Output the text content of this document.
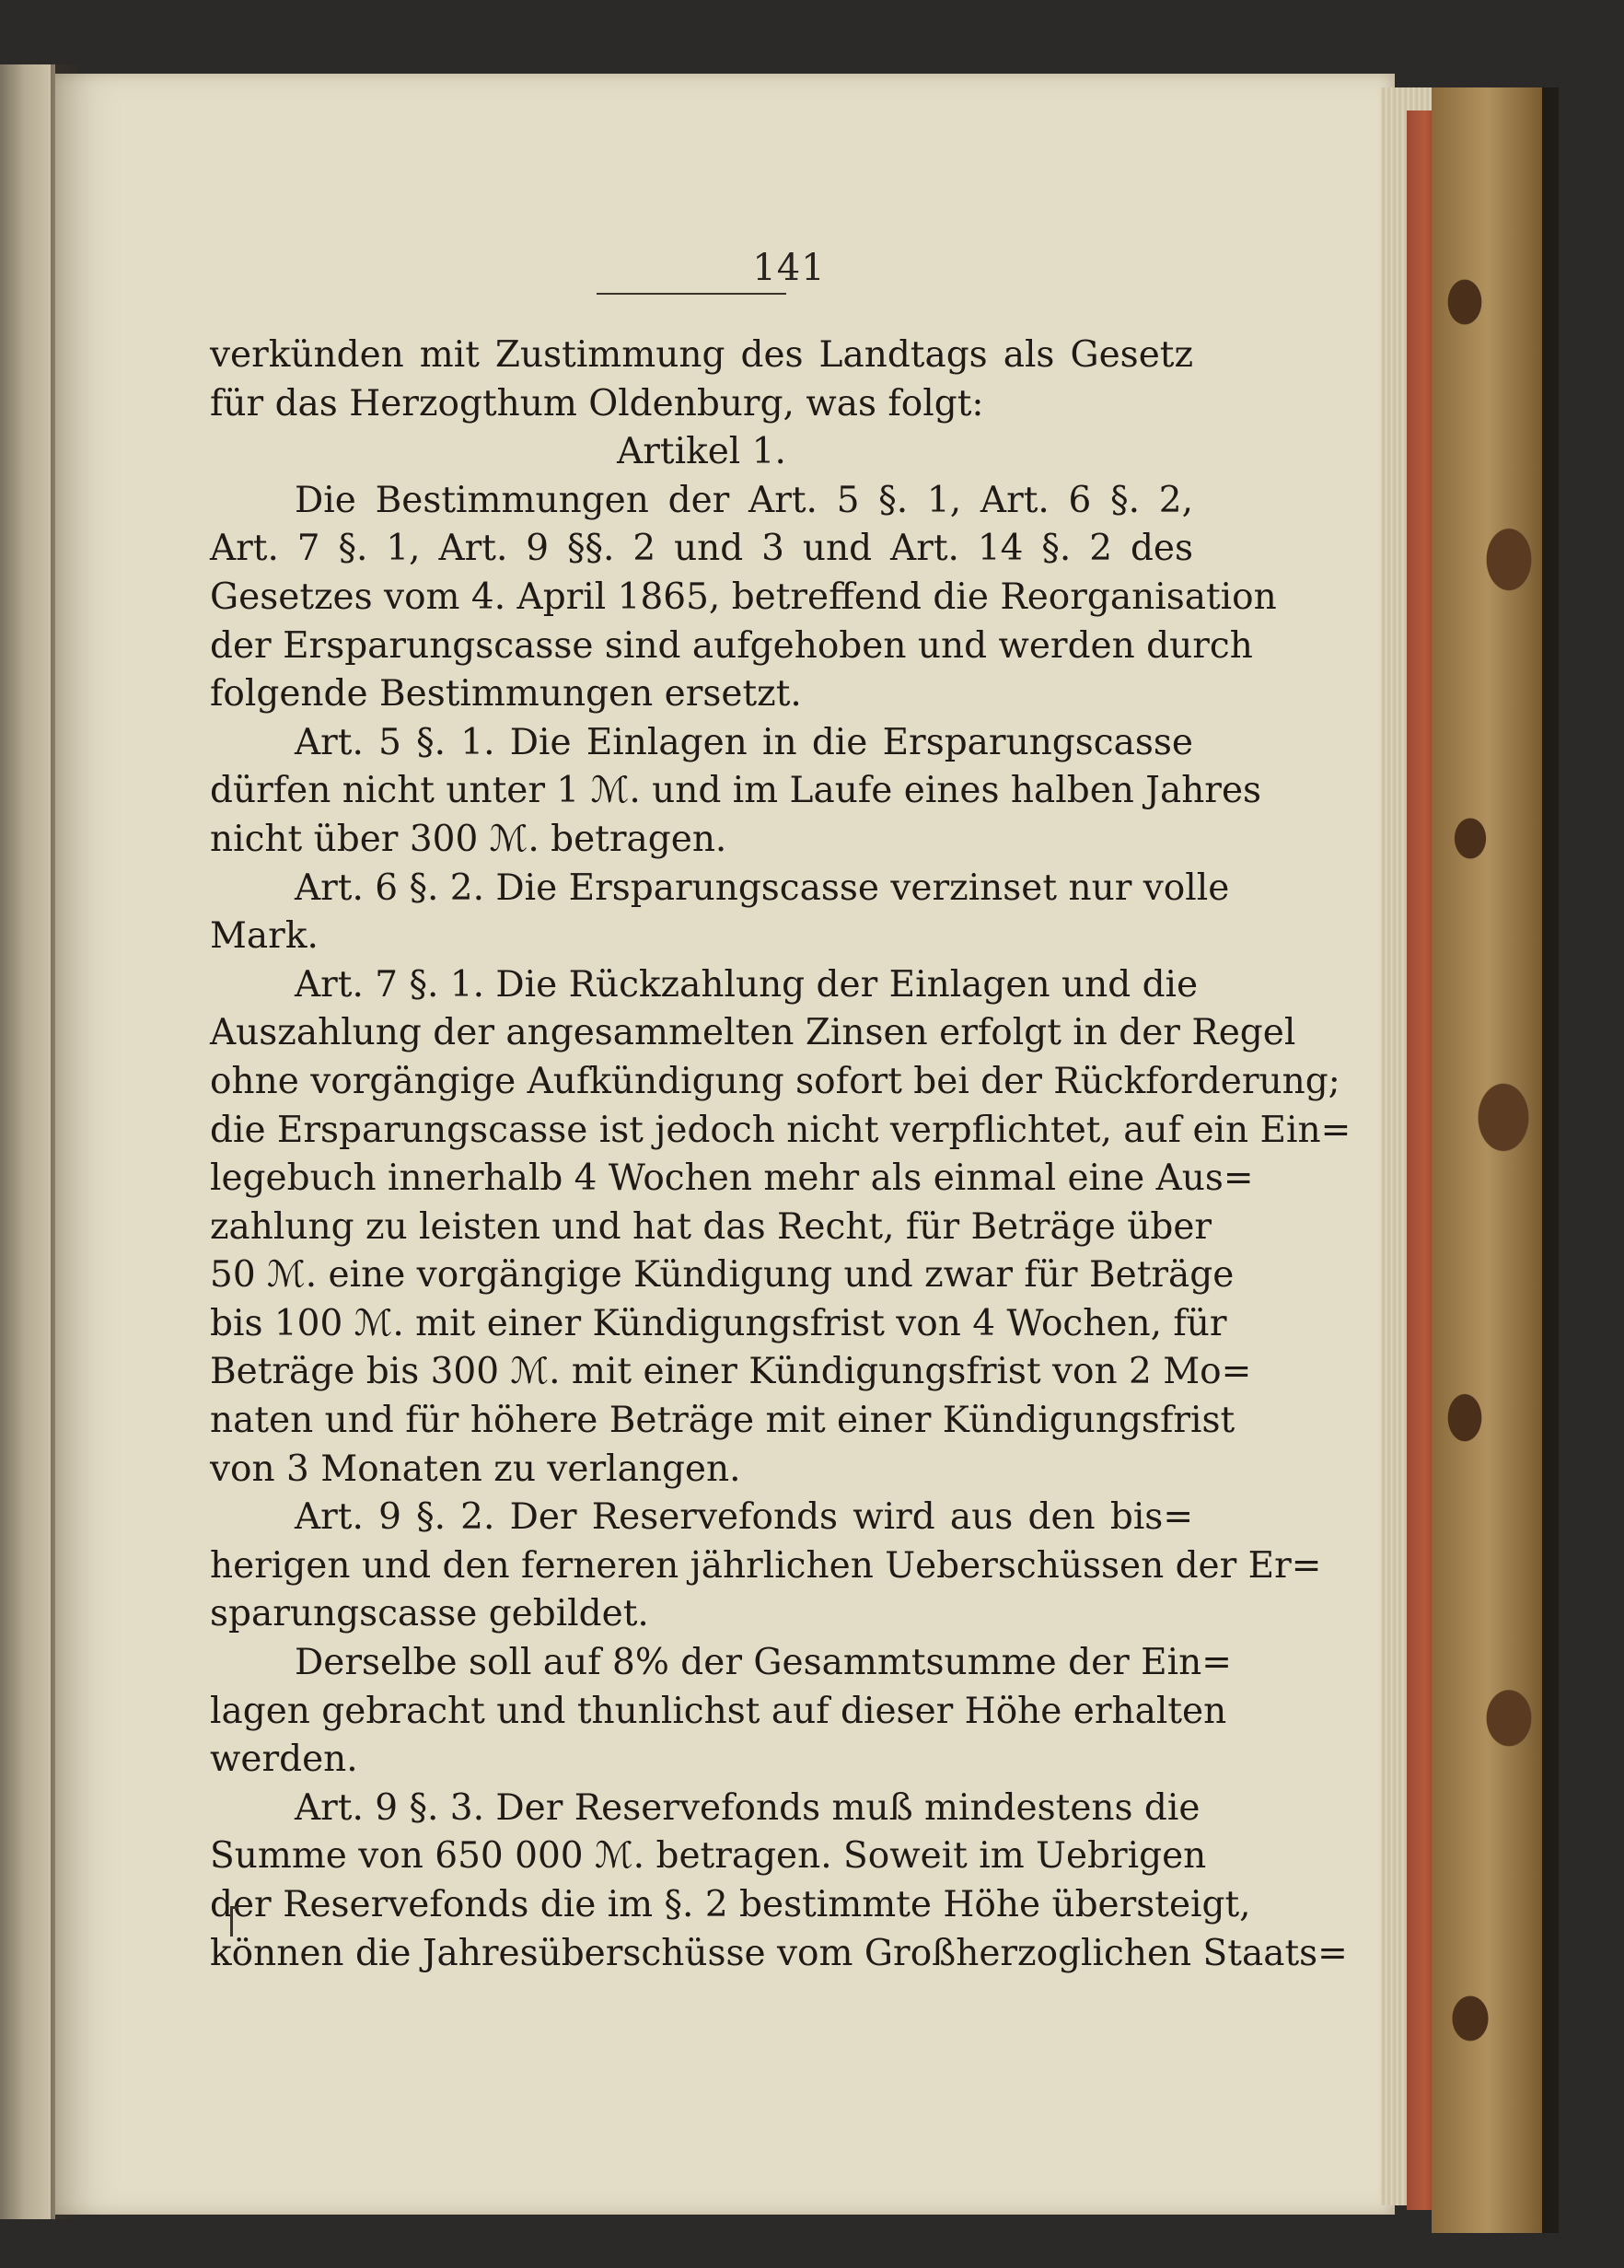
141
verkünden mit Zustimmung des Landtags als Gesetz
für das Herzogthum Oldenburg, was folgt:
Artikel 1.
Die Bestimmungen der Art. 5 §. 1, Art. 6 §. 2,
Art. 7 §. 1, Art. 9 §§. 2 und 3 und Art. 14 §. 2 des
Gesetzes vom 4. April 1865, betreffend die Reorganisation
der Ersparungscasse sind aufgehoben und werden durch
folgende Bestimmungen ersetzt.
Art. 5 §. 1. Die Einlagen in die Ersparungscasse
dürfen nicht unter 1 ℳ. und im Laufe eines halben Jahres
nicht über 300 ℳ. betragen.
Art. 6 §. 2. Die Ersparungscasse verzinset nur volle
Mark.
Art. 7 §. 1. Die Rückzahlung der Einlagen und die
Auszahlung der angesammelten Zinsen erfolgt in der Regel
ohne vorgängige Aufkündigung sofort bei der Rückforderung;
die Ersparungscasse ist jedoch nicht verpflichtet, auf ein Ein=
legebuch innerhalb 4 Wochen mehr als einmal eine Aus=
zahlung zu leisten und hat das Recht, für Beträge über
50 ℳ. eine vorgängige Kündigung und zwar für Beträge
bis 100 ℳ. mit einer Kündigungsfrist von 4 Wochen, für
Beträge bis 300 ℳ. mit einer Kündigungsfrist von 2 Mo=
naten und für höhere Beträge mit einer Kündigungsfrist
von 3 Monaten zu verlangen.
Art. 9 §. 2. Der Reservefonds wird aus den bis=
herigen und den ferneren jährlichen Ueberschüssen der Er=
sparungscasse gebildet.
Derselbe soll auf 8% der Gesammtsumme der Ein=
lagen gebracht und thunlichst auf dieser Höhe erhalten
werden.
Art. 9 §. 3. Der Reservefonds muß mindestens die
Summe von 650 000 ℳ. betragen. Soweit im Uebrigen
der Reservefonds die im §. 2 bestimmte Höhe übersteigt,
können die Jahresüberschüsse vom Großherzoglichen Staats=
